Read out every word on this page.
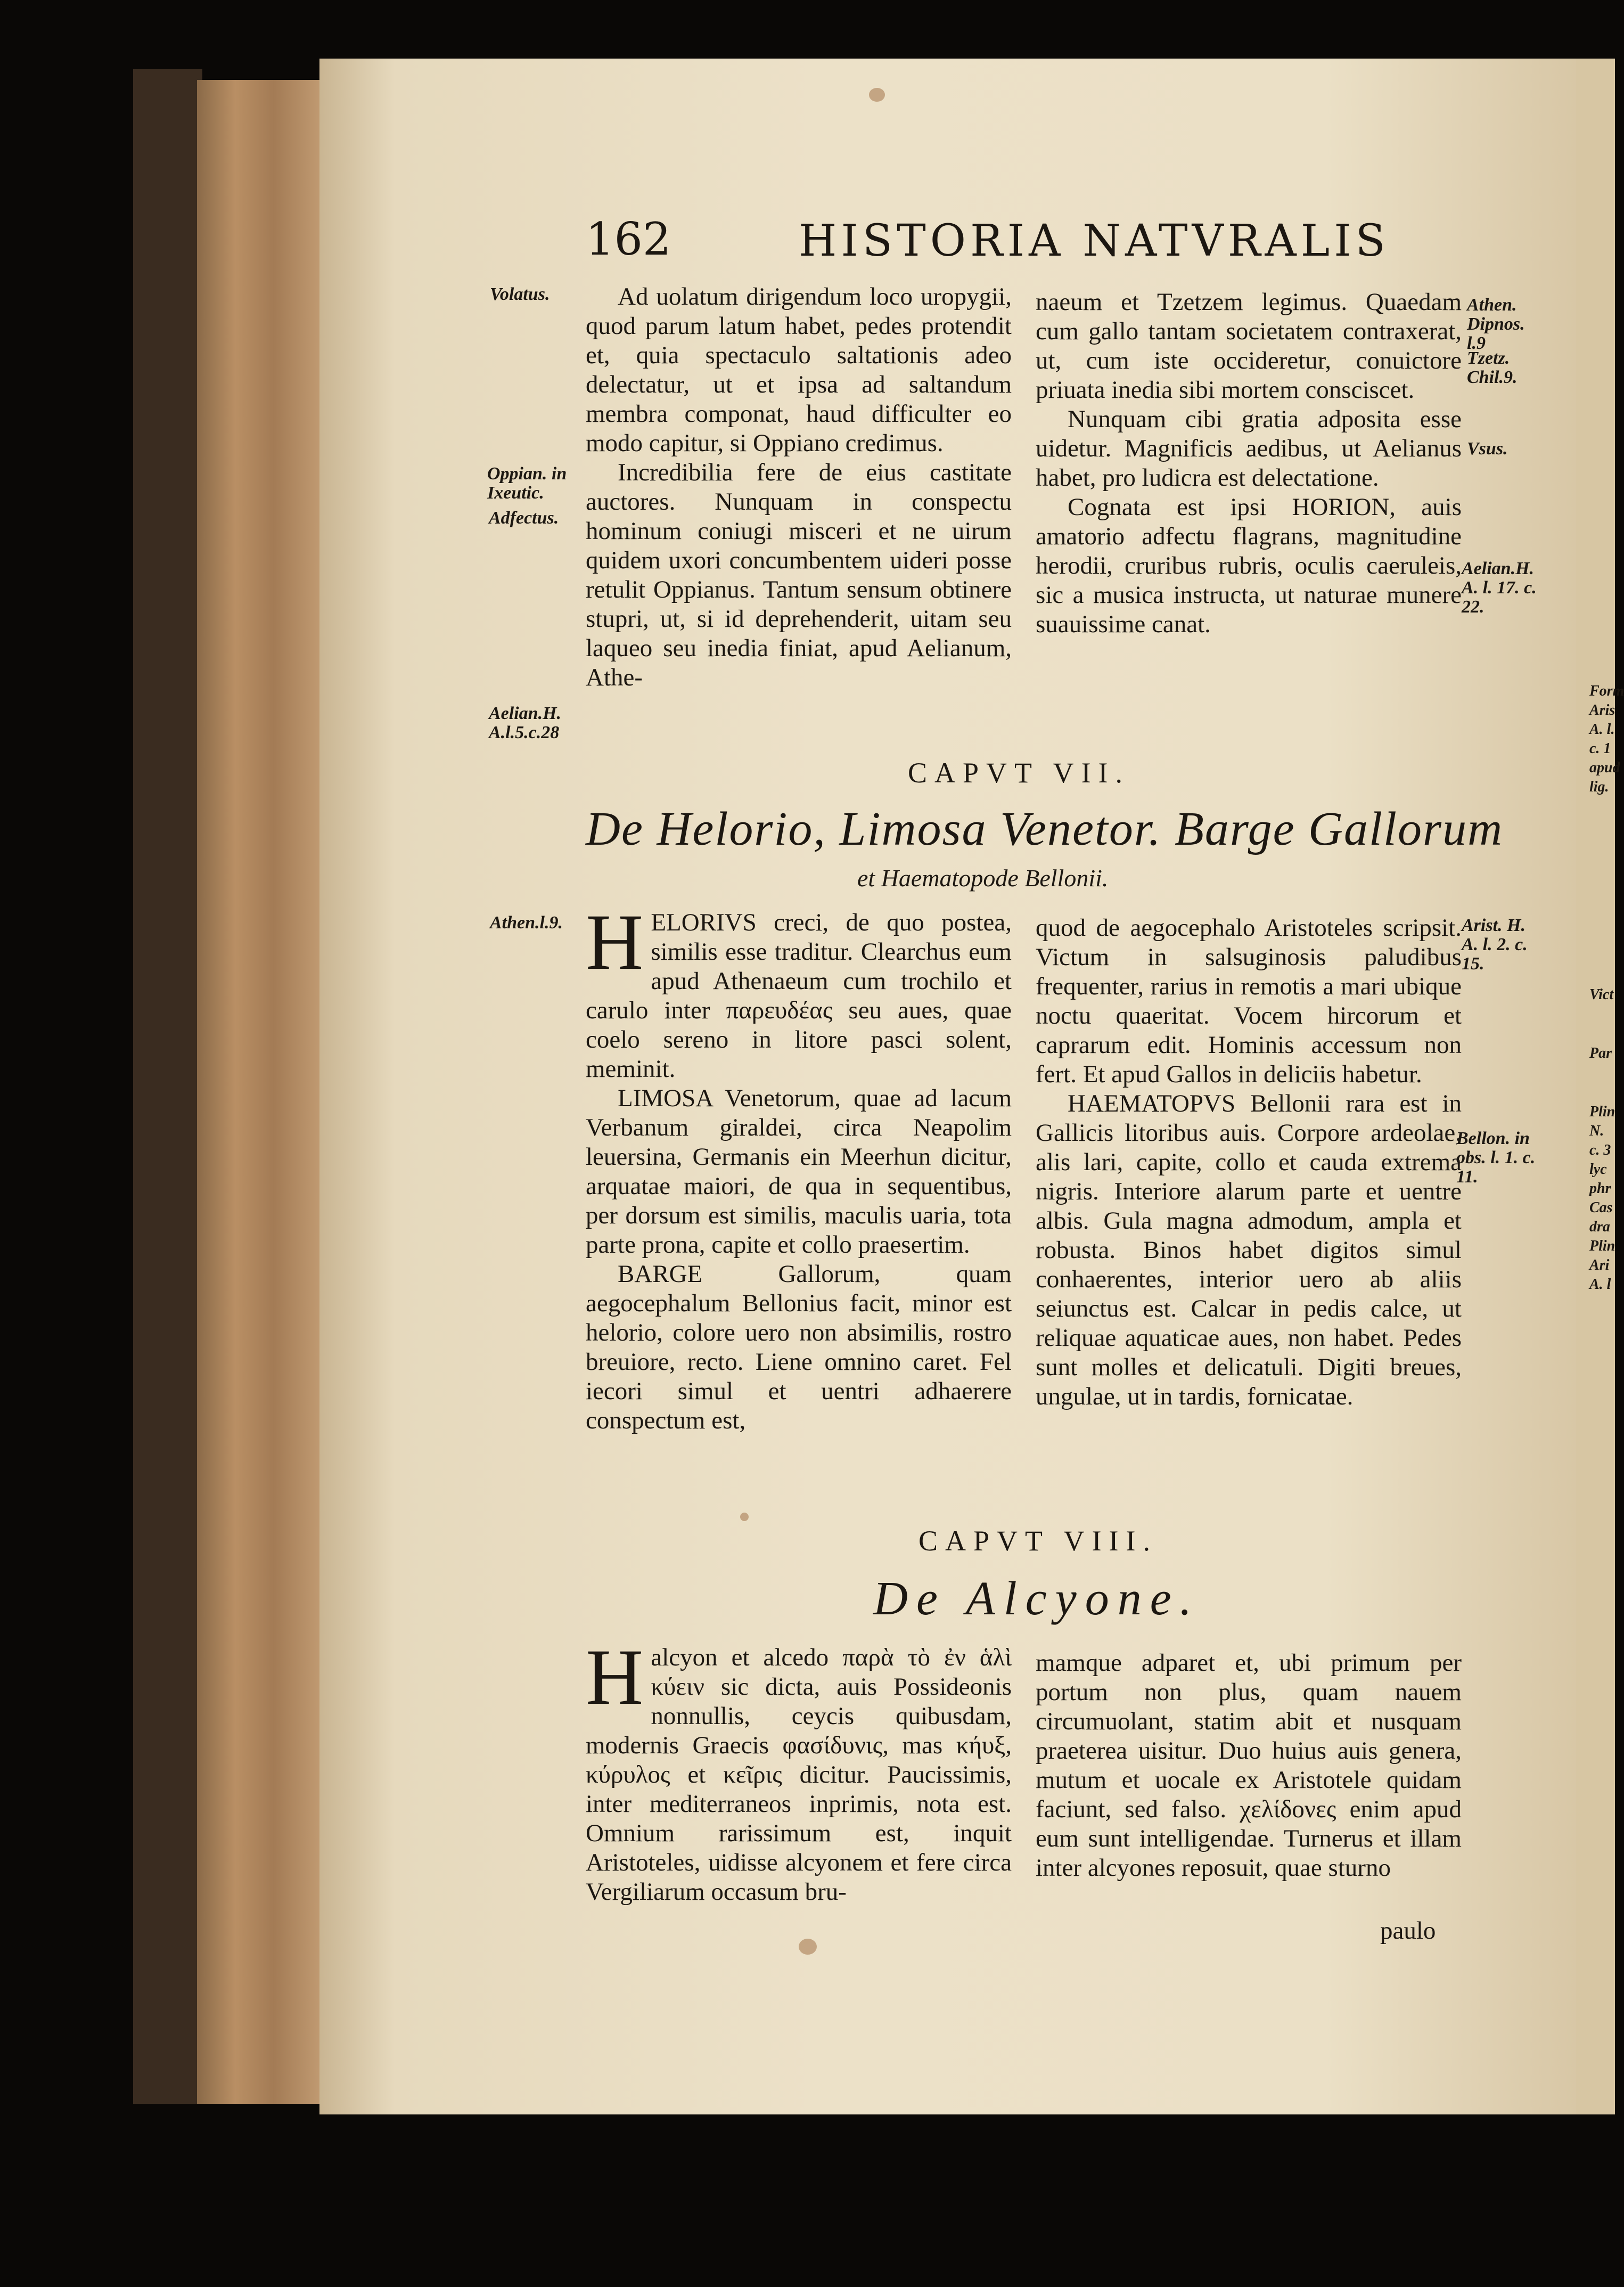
162	HISTORIA NATVRALIS
Volatus.
Oppian. in Ixeutic.
Adfectus.
Aelian.H. A.l.5.c.28

Ad uolatum dirigendum loco uropygii, quod parum latum habet, pedes protendit et, quia spectaculo saltationis adeo delectatur, ut et ipsa ad saltandum membra componat, haud difficulter eo modo capitur, si Oppiano credimus.

Incredibilia fere de eius castitate auctores. Nunquam in conspectu hominum coniugi misceri et ne uirum quidem uxori concumbentem uideri posse retulit Oppianus. Tantum sensum obtinere stupri, ut, si id deprehenderit, uitam seu laqueo seu inedia finiat, apud Aelianum, Athe-

naeum et Tzetzem legimus. Quaedam cum gallo tantam societatem contraxerat, ut, cum iste occideretur, conuictore priuata inedia sibi mortem consciscet.

Nunquam cibi gratia adposita esse uidetur. Magnificis aedibus, ut Aelianus habet, pro ludicra est delectatione.

Cognata est ipsi HORION, auis amatorio adfectu flagrans, magnitudine herodii, cruribus rubris, oculis caeruleis, sic a musica instructa, ut naturae munere suauissime canat.

Athen. Dipnos. l.9
Tzetz. Chil.9.
Vsus.
Aelian.H. A. l. 17. c. 22.
CAPVT VII.
De Helorio, Limosa Venetor. Barge Gallorum
et Haematopode Bellonii.
Athen.l.9. HELORIVS creci, de quo postea, similis esse traditur. Clearchus eum apud Athenaeum cum trochilo et carulo inter παρευδέας seu aues, quae coelo sereno in litore pasci solent, meminit.

LIMOSA Venetorum, quae ad lacum Verbanum giraldei, circa Neapolim leuersina, Germanis ein Meerhun dicitur, arquatae maiori, de qua in sequentibus, per dorsum est similis, maculis uaria, tota parte prona, capite et collo praesertim.

BARGE Gallorum, quam aegocephalum Bellonius facit, minor est helorio, colore uero non absimilis, rostro breuiore, recto. Liene omnino caret. Fel iecori simul et uentri adhaerere conspectum est,

quod de aegocephalo Aristoteles scripsit. Victum in salsuginosis paludibus frequenter, rarius in remotis a mari ubique noctu quaeritat. Vocem hircorum et caprarum edit. Hominis accessum non fert. Et apud Gallos in deliciis habetur.

HAEMATOPVS Bellonii rara est in Gallicis litoribus auis. Corpore ardeolae, alis lari, capite, collo et cauda extrema nigris. Interiore alarum parte et uentre albis. Gula magna admodum, ampla et robusta. Binos habet digitos simul conhaerentes, interior uero ab aliis seiunctus est. Calcar in pedis calce, ut reliquae aquaticae aues, non habet. Pedes sunt molles et delicatuli. Digiti breues, ungulae, ut in tardis, fornicatae.

Arist. H. A. l. 2. c. 15.
Bellon. in obs. l. 1. c. 11.
CAPVT VIII.
De Alcyone.

Halcyon et alcedo παρὰ τὸ ἐν ἁλὶ κύειν sic dicta, auis Possideonis nonnullis, ceycis quibusdam, modernis Graecis φασίδυνις, mas κήυξ, κύρυλος et κεῖρις dicitur. Paucissimis, inter mediterraneos inprimis, nota est. Omnium rarissimum est, inquit Aristoteles, uidisse alcyonem et fere circa Vergiliarum occasum bru-

mamque adparet et, ubi primum per portum non plus, quam nauem circumuolant, statim abit et nusquam praeterea uisitur. Duo huius auis genera, mutum et uocale ex Aristotele quidam faciunt, sed falso. χελίδονες enim apud eum sunt intelligendae. Turnerus et illam inter alcyones reposuit, quae sturno

paulo
Form Aris A. l. c. 1 apud lig.
Vict
Par
Plin N. c. 3 lyc phr Cas dra Plin Ari A. l
